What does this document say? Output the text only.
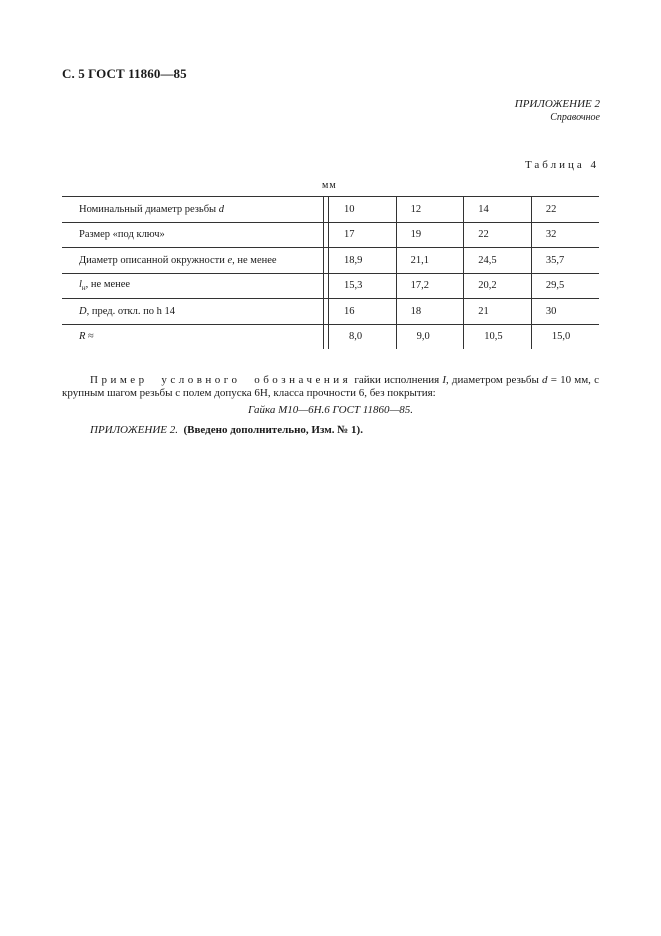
С. 5 ГОСТ 11860—85
ПРИЛОЖЕНИЕ 2
Справочное
Таблица 4
мм
Номинальный диаметр резьбы d		10	12	14	22
Размер «под ключ»		17	19	22	32
Диаметр описанной окружности e, не менее		18,9	21,1	24,5	35,7
$l_н$, не менее		15,3	17,2	20,2	29,5
D, пред. откл. по h 14		16	18	21	30
R ≈		8,0	9,0	10,5	15,0
Пример условного обозначения гайки исполнения I, диаметром резьбы d = 10 мм, с крупным шагом резьбы с полем допуска 6Н, класса прочности 6, без покрытия:
Гайка М10—6Н.6 ГОСТ 11860—85.
ПРИЛОЖЕНИЕ 2. (Введено дополнительно, Изм. № 1).
